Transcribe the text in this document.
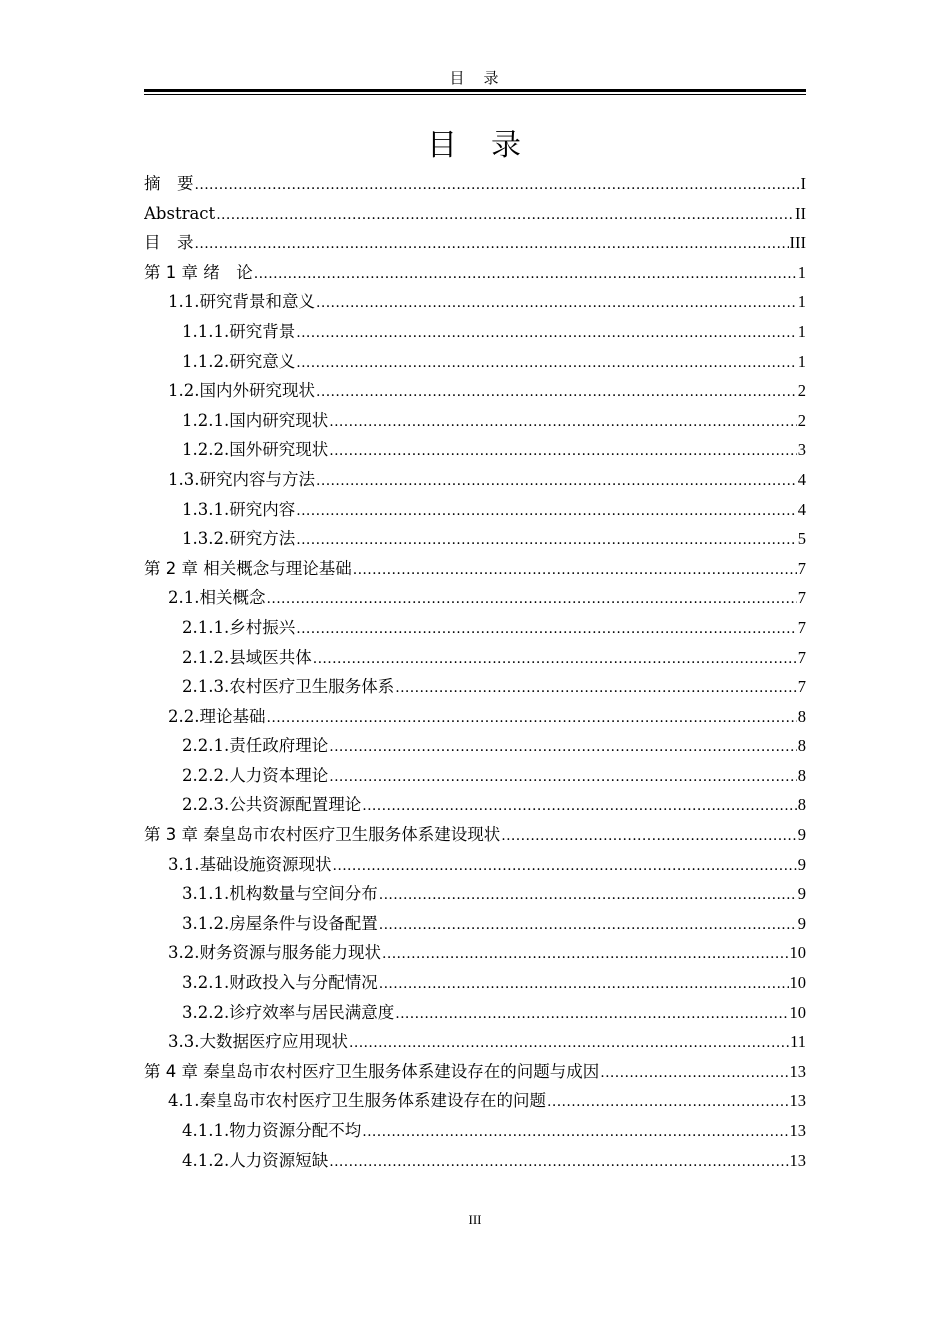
目　录
目　录
摘　要 .....	I
Abstract .....	II
目　录 .....	III
第 1 章 绪　论 .....	1
1.1.研究背景和意义 .....	1
1.1.1.研究背景 .....	1
1.1.2.研究意义 .....	1
1.2.国内外研究现状 .....	2
1.2.1.国内研究现状 .....	2
1.2.2.国外研究现状 .....	3
1.3.研究内容与方法 .....	4
1.3.1.研究内容 .....	4
1.3.2.研究方法 .....	5
第 2 章 相关概念与理论基础 .....	7
2.1.相关概念 .....	7
2.1.1.乡村振兴 .....	7
2.1.2.县域医共体 .....	7
2.1.3.农村医疗卫生服务体系 .....	7
2.2.理论基础 .....	8
2.2.1.责任政府理论 .....	8
2.2.2.人力资本理论 .....	8
2.2.3.公共资源配置理论 .....	8
第 3 章 秦皇岛市农村医疗卫生服务体系建设现状 .....	9
3.1.基础设施资源现状 .....	9
3.1.1.机构数量与空间分布 .....	9
3.1.2.房屋条件与设备配置 .....	9
3.2.财务资源与服务能力现状 .....	10
3.2.1.财政投入与分配情况 .....	10
3.2.2.诊疗效率与居民满意度 .....	10
3.3.大数据医疗应用现状 .....	11
第 4 章 秦皇岛市农村医疗卫生服务体系建设存在的问题与成因 .....	13
4.1.秦皇岛市农村医疗卫生服务体系建设存在的问题 .....	13
4.1.1.物力资源分配不均 .....	13
4.1.2.人力资源短缺 .....	13
III
